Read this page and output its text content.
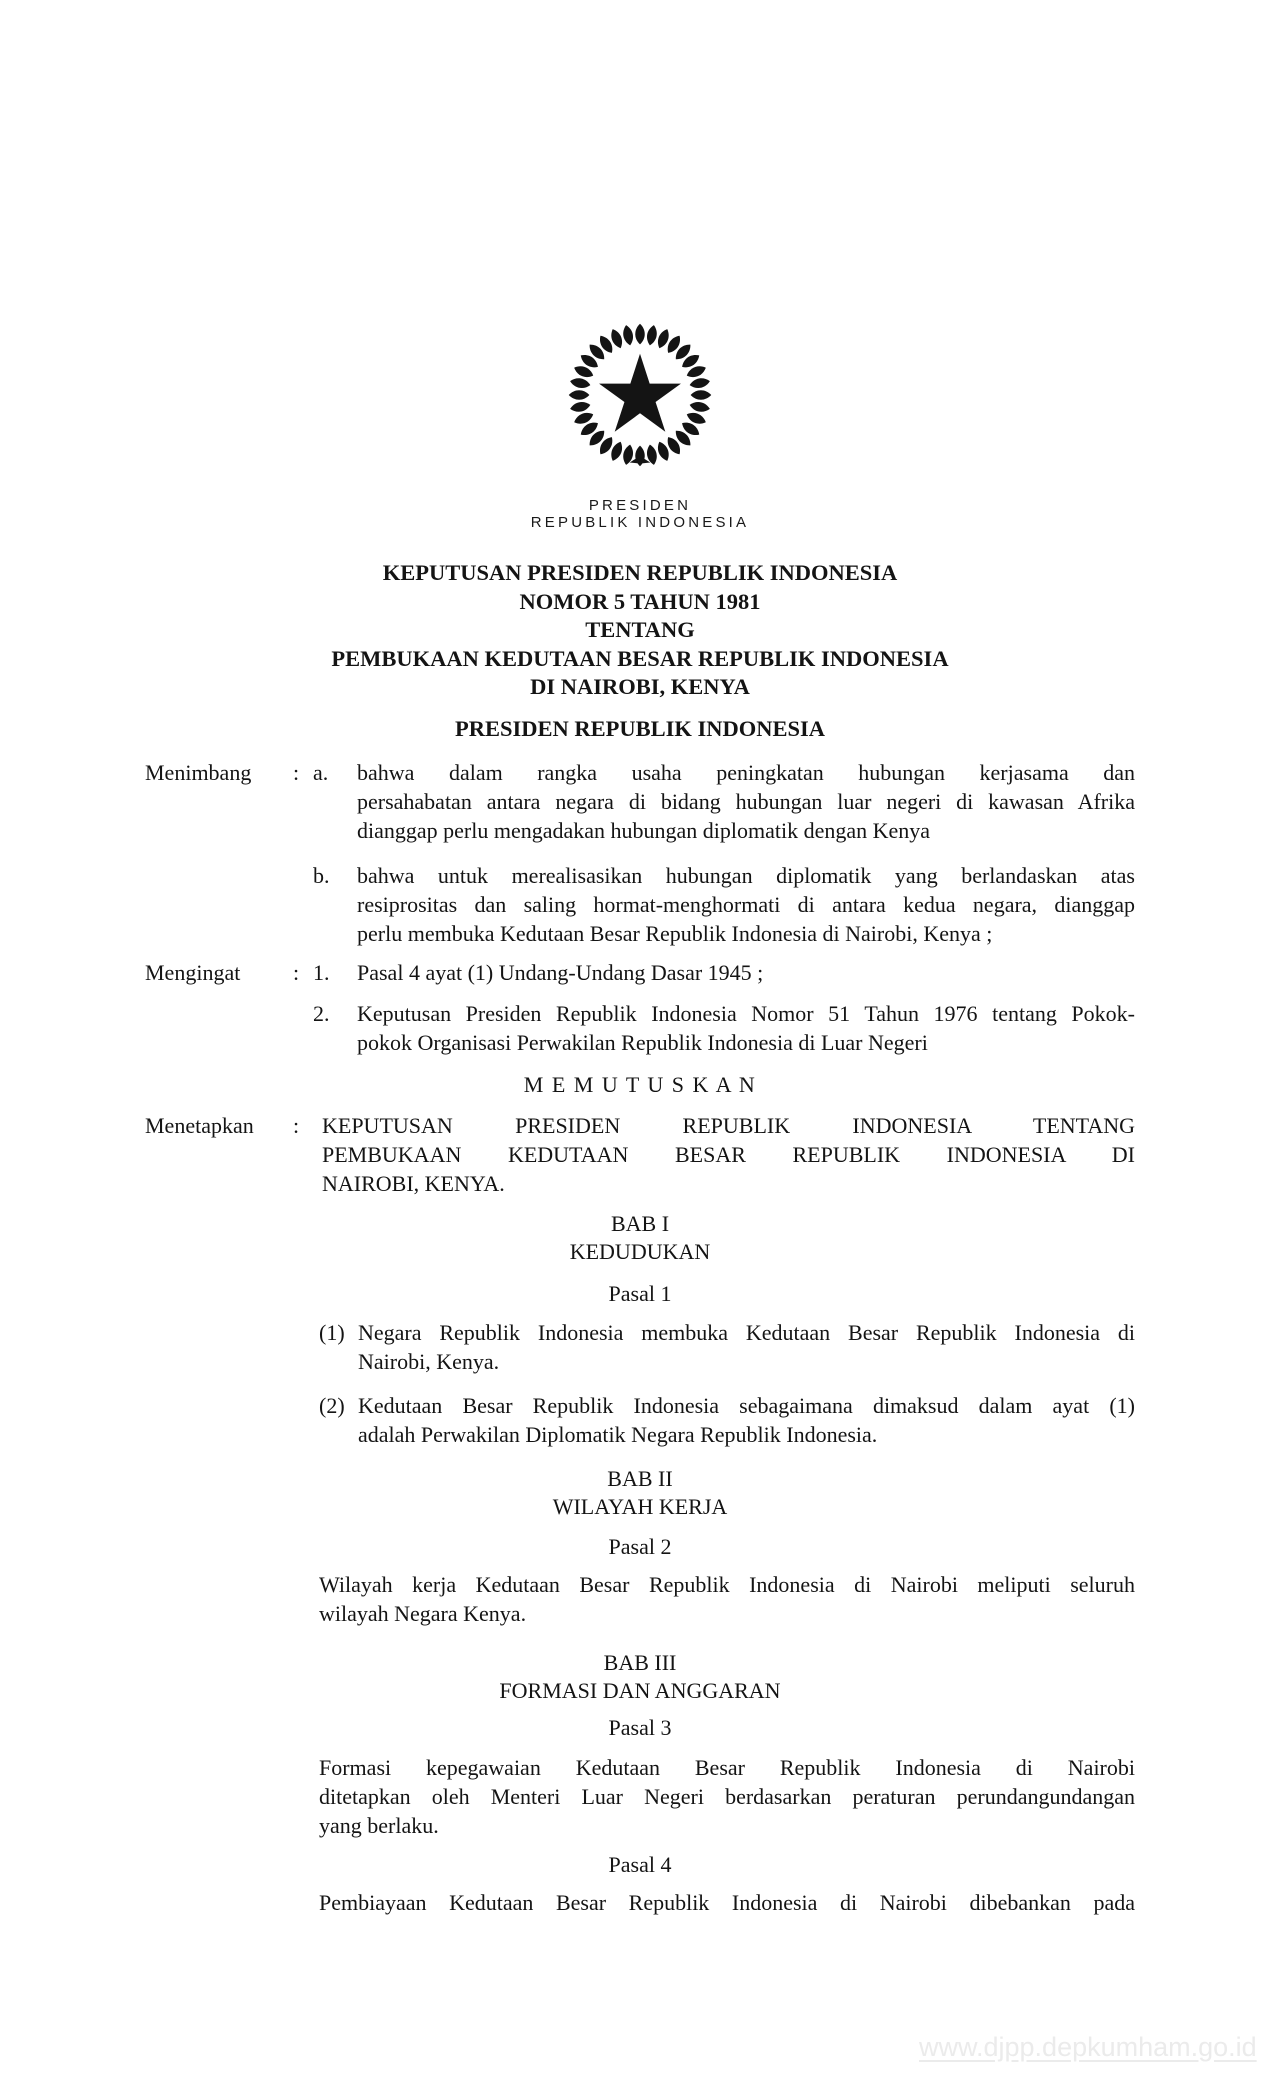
PRESIDEN
REPUBLIK INDONESIA
KEPUTUSAN PRESIDEN REPUBLIK INDONESIA
NOMOR 5 TAHUN 1981
TENTANG
PEMBUKAAN KEDUTAAN BESAR REPUBLIK INDONESIA
DI NAIROBI, KENYA
PRESIDEN REPUBLIK INDONESIA
Menimbang	: a.	bahwa dalam rangka usaha peningkatan hubungan kerjasama dan
persahabatan antara negara di bidang hubungan luar negeri di kawasan Afrika
dianggap perlu mengadakan hubungan diplomatik dengan Kenya
b.	bahwa untuk merealisasikan hubungan diplomatik yang berlandaskan atas
resiprositas dan saling hormat-menghormati di antara kedua negara, dianggap
perlu membuka Kedutaan Besar Republik Indonesia di Nairobi, Kenya ;
Mengingat	: 1.	Pasal 4 ayat (1) Undang-Undang Dasar 1945 ;
2.	Keputusan Presiden Republik Indonesia Nomor 51 Tahun 1976 tentang Pokok-
pokok Organisasi Perwakilan Republik Indonesia di Luar Negeri
M E M U T U S K A N
Menetapkan	:	KEPUTUSAN PRESIDEN REPUBLIK INDONESIA TENTANG
PEMBUKAAN KEDUTAAN BESAR REPUBLIK INDONESIA DI
NAIROBI, KENYA.
BAB I
KEDUDUKAN
Pasal 1
(1) Negara Republik Indonesia membuka Kedutaan Besar Republik Indonesia di
Nairobi, Kenya.
(2) Kedutaan Besar Republik Indonesia sebagaimana dimaksud dalam ayat (1)
adalah Perwakilan Diplomatik Negara Republik Indonesia.
BAB II
WILAYAH KERJA
Pasal 2
Wilayah kerja Kedutaan Besar Republik Indonesia di Nairobi meliputi seluruh
wilayah Negara Kenya.
BAB III
FORMASI DAN ANGGARAN
Pasal 3
Formasi kepegawaian Kedutaan Besar Republik Indonesia di Nairobi
ditetapkan oleh Menteri Luar Negeri berdasarkan peraturan perundangundangan
yang berlaku.
Pasal 4
Pembiayaan Kedutaan Besar Republik Indonesia di Nairobi dibebankan pada
www.djpp.depkumham.go.id
